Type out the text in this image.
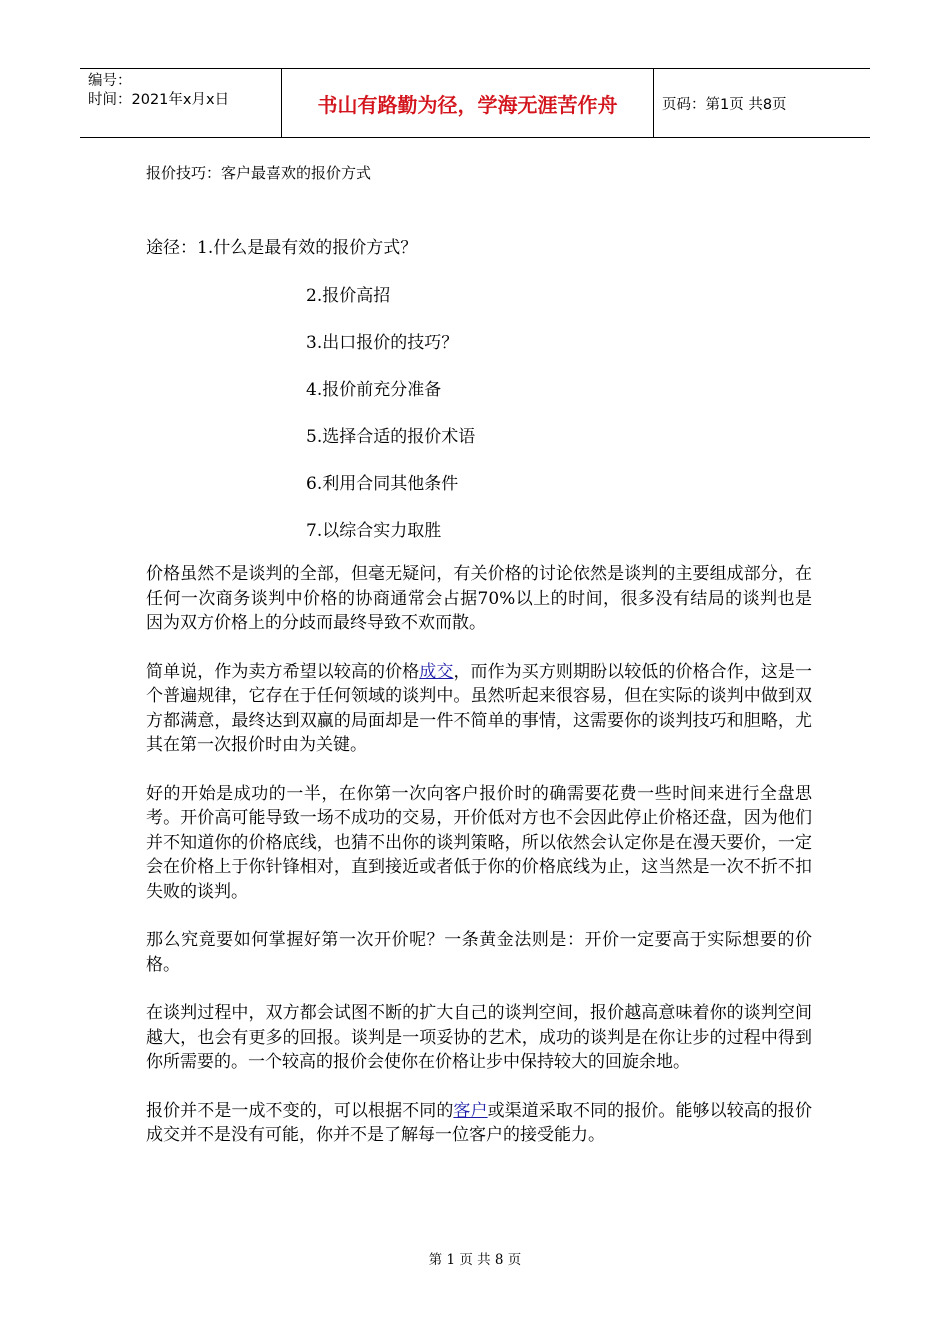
编号：
时间：2021年x月x日	书山有路勤为径，学海无涯苦作舟	页码：第1页 共8页
报价技巧：客户最喜欢的报价方式
途径：1.什么是最有效的报价方式？
2.报价高招
3.出口报价的技巧？
4.报价前充分准备
5.选择合适的报价术语
6.利用合同其他条件
7.以综合实力取胜

价格虽然不是谈判的全部，但毫无疑问，有关价格的讨论依然是谈判的主要组成部分，在任何一次商务谈判中价格的协商通常会占据70%以上的时间，很多没有结局的谈判也是因为双方价格上的分歧而最终导致不欢而散。

简单说，作为卖方希望以较高的价格成交，而作为买方则期盼以较低的价格合作，这是一个普遍规律，它存在于任何领域的谈判中。虽然听起来很容易，但在实际的谈判中做到双方都满意，最终达到双赢的局面却是一件不简单的事情，这需要你的谈判技巧和胆略，尤其在第一次报价时由为关键。

好的开始是成功的一半，在你第一次向客户报价时的确需要花费一些时间来进行全盘思考。开价高可能导致一场不成功的交易，开价低对方也不会因此停止价格还盘，因为他们并不知道你的价格底线，也猜不出你的谈判策略，所以依然会认定你是在漫天要价，一定会在价格上于你针锋相对，直到接近或者低于你的价格底线为止，这当然是一次不折不扣失败的谈判。

那么究竟要如何掌握好第一次开价呢？一条黄金法则是：开价一定要高于实际想要的价格。

在谈判过程中，双方都会试图不断的扩大自己的谈判空间，报价越高意味着你的谈判空间越大，也会有更多的回报。谈判是一项妥协的艺术，成功的谈判是在你让步的过程中得到你所需要的。一个较高的报价会使你在价格让步中保持较大的回旋余地。

报价并不是一成不变的，可以根据不同的客户或渠道采取不同的报价。能够以较高的报价成交并不是没有可能，你并不是了解每一位客户的接受能力。

第 1 页 共 8 页
